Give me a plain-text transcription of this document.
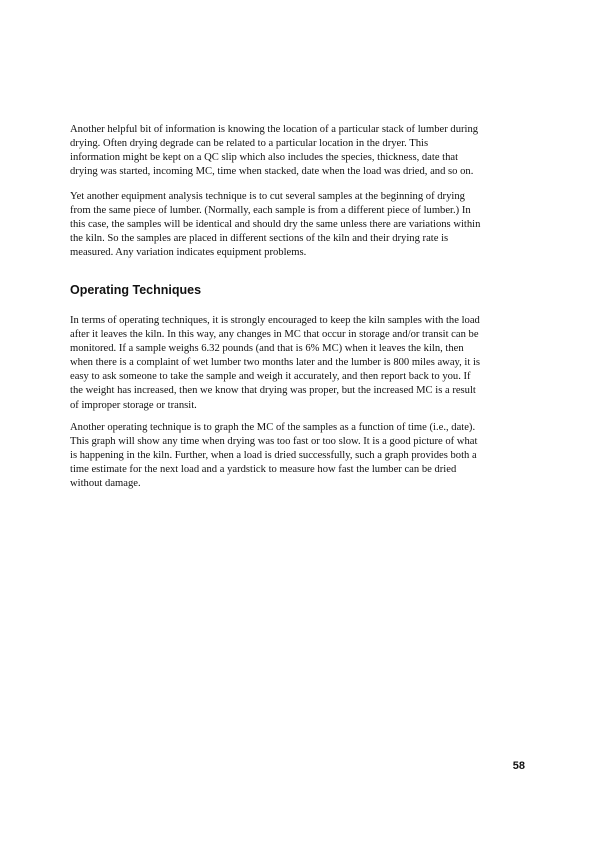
Another helpful bit of information is knowing the location of a particular stack of lumber during
drying. Often drying degrade can be related to a particular location in the dryer. This
information might be kept on a QC slip which also includes the species, thickness, date that
drying was started, incoming MC, time when stacked, date when the load was dried, and so on.

Yet another equipment analysis technique is to cut several samples at the beginning of drying
from the same piece of lumber. (Normally, each sample is from a different piece of lumber.) In
this case, the samples will be identical and should dry the same unless there are variations within
the kiln. So the samples are placed in different sections of the kiln and their drying rate is
measured. Any variation indicates equipment problems.

Operating Techniques

In terms of operating techniques, it is strongly encouraged to keep the kiln samples with the load
after it leaves the kiln. In this way, any changes in MC that occur in storage and/or transit can be
monitored. If a sample weighs 6.32 pounds (and that is 6% MC) when it leaves the kiln, then
when there is a complaint of wet lumber two months later and the lumber is 800 miles away, it is
easy to ask someone to take the sample and weigh it accurately, and then report back to you. If
the weight has increased, then we know that drying was proper, but the increased MC is a result
of improper storage or transit.

Another operating technique is to graph the MC of the samples as a function of time (i.e., date).
This graph will show any time when drying was too fast or too slow. It is a good picture of what
is happening in the kiln. Further, when a load is dried successfully, such a graph provides both a
time estimate for the next load and a yardstick to measure how fast the lumber can be dried
without damage.

58
